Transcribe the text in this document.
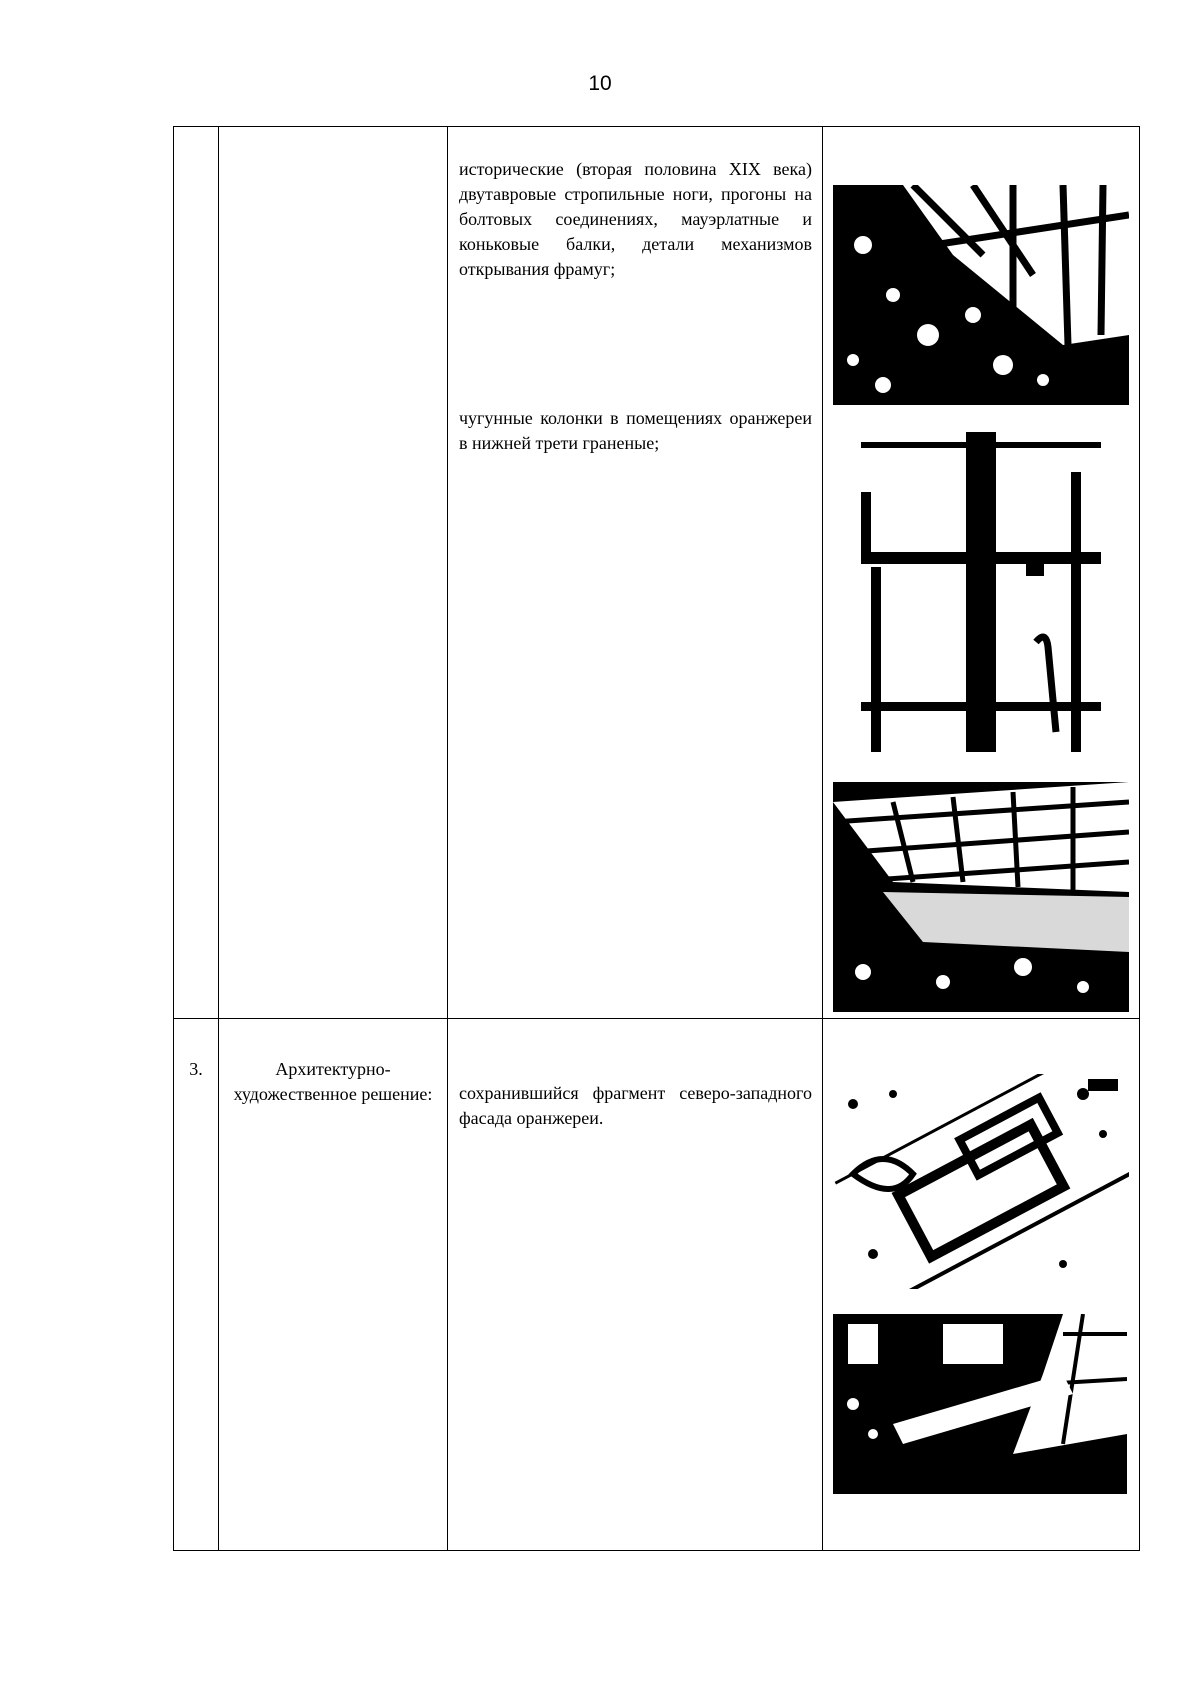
10

		исторические (вторая половина XIX века) двутавровые стропильные ноги, прогоны на болтовых соединениях, мауэрлатные и коньковые балки, детали механизмов открывания фрамуг;

чугунные колонки в помещениях оранжереи в нижней трети граненые;

3.	Архитектурно-художественное решение:	сохранившийся фрагмент северо-западного фасада оранжереи.
